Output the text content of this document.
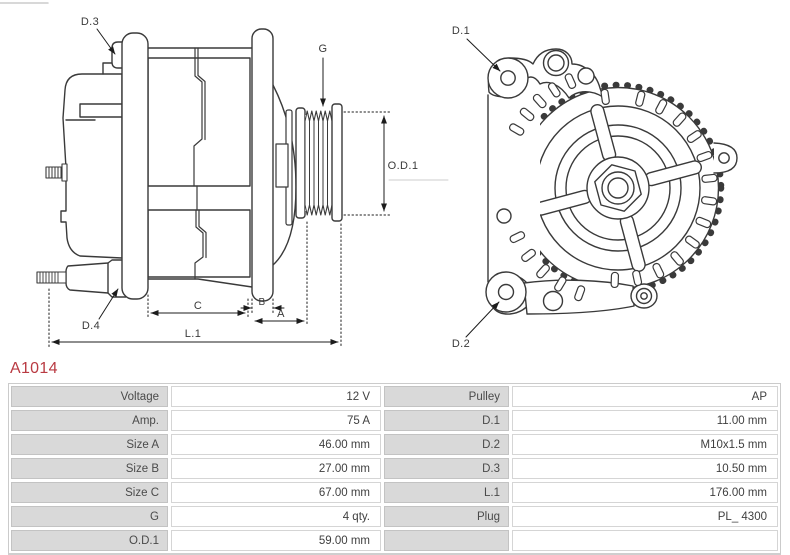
D.3
G
O.D.1
D.4
C	B
A
L.1
D.1
D.2
A1014
Voltage	12 V	Pulley	AP
Amp.	75 A	D.1	11.00 mm
Size A	46.00 mm	D.2	M10x1.5 mm
Size B	27.00 mm	D.3	10.50 mm
Size C	67.00 mm	L.1	176.00 mm
G	4 qty.	Plug	PL_ 4300
O.D.1	59.00 mm
